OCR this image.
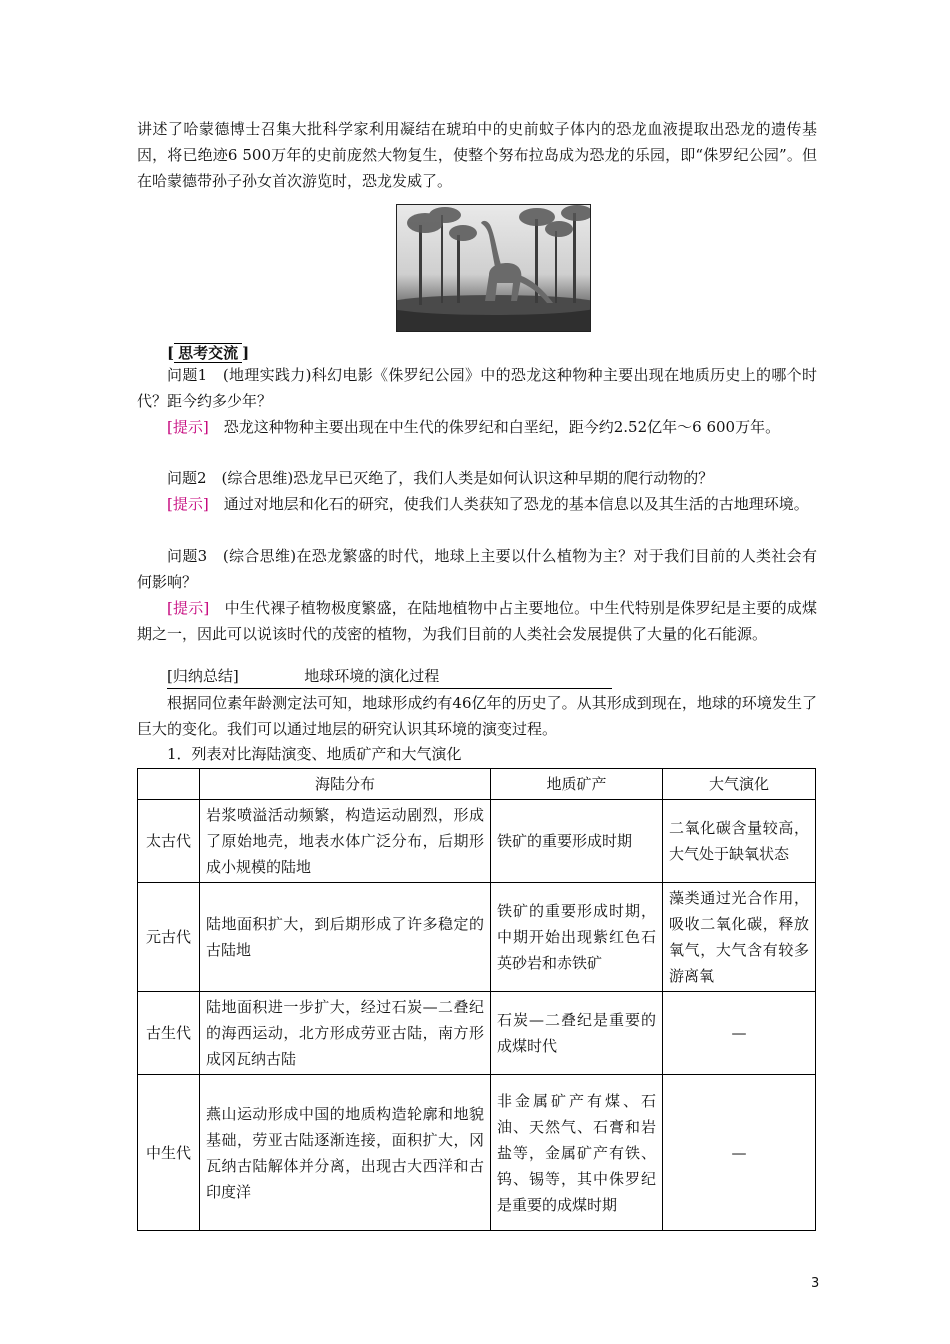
讲述了哈蒙德博士召集大批科学家利用凝结在琥珀中的史前蚊子体内的恐龙血液提取出恐龙的遗传基因，将已绝迹6 500万年的史前庞然大物复生，使整个努布拉岛成为恐龙的乐园，即“侏罗纪公园”。但在哈蒙德带孙子孙女首次游览时，恐龙发威了。

[ 思考交流 ]

问题1　(地理实践力)科幻电影《侏罗纪公园》中的恐龙这种物种主要出现在地质历史上的哪个时代？距今约多少年？

[提示]　 恐龙这种物种主要出现在中生代的侏罗纪和白垩纪，距今约2.52亿年～6 600万年。

问题2　(综合思维)恐龙早已灭绝了，我们人类是如何认识这种早期的爬行动物的？

[提示]　 通过对地层和化石的研究，使我们人类获知了恐龙的基本信息以及其生活的古地理环境。

问题3　(综合思维)在恐龙繁盛的时代，地球上主要以什么植物为主？对于我们目前的人类社会有何影响？

[提示]　 中生代裸子植物极度繁盛，在陆地植物中占主要地位。中生代特别是侏罗纪是主要的成煤期之一，因此可以说该时代的茂密的植物，为我们目前的人类社会发展提供了大量的化石能源。

[归纳总结]	地球环境的演化过程

根据同位素年龄测定法可知，地球形成约有46亿年的历史了。从其形成到现在，地球的环境发生了巨大的变化。我们可以通过地层的研究认识其环境的演变过程。

1．列表对比海陆演变、地质矿产和大气演化

	海陆分布	地质矿产	大气演化
太古代	岩浆喷溢活动频繁，构造运动剧烈，形成了原始地壳，地表水体广泛分布，后期形成小规模的陆地	铁矿的重要形成时期	二氧化碳含量较高，大气处于缺氧状态
元古代	陆地面积扩大，到后期形成了许多稳定的古陆地	铁矿的重要形成时期，中期开始出现紫红色石英砂岩和赤铁矿	藻类通过光合作用，吸收二氧化碳，释放氧气，大气含有较多游离氧
古生代	陆地面积进一步扩大，经过石炭—二叠纪的海西运动，北方形成劳亚古陆，南方形成冈瓦纳古陆	石炭—二叠纪是重要的成煤时代	—
中生代	燕山运动形成中国的地质构造轮廓和地貌基础，劳亚古陆逐渐连接，面积扩大，冈瓦纳古陆解体并分离，出现古大西洋和古印度洋	非金属矿产有煤、石油、天然气、石膏和岩盐等，金属矿产有铁、钨、锡等，其中侏罗纪是重要的成煤时期	—
3
